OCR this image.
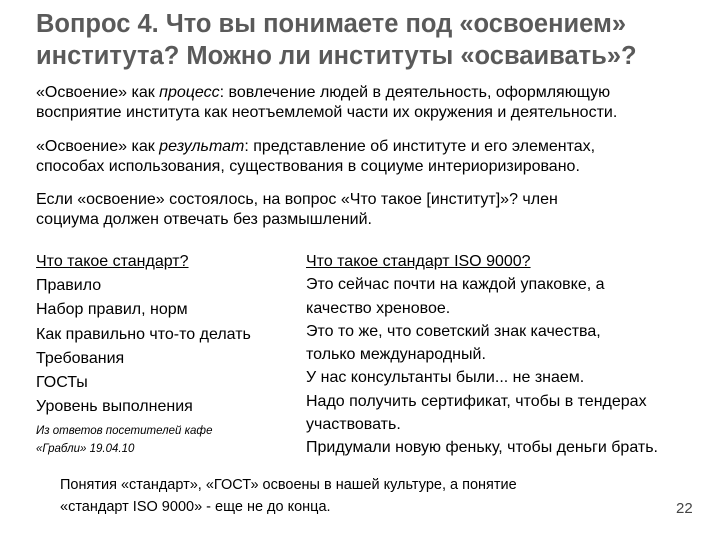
Вопрос 4. Что вы понимаете под «освоением»
института? Можно ли институты «осваивать»?
«Освоение» как процесс: вовлечение людей в деятельность, оформляющую
восприятие института как неотъемлемой части их окружения и деятельности.
«Освоение» как результат: представление об институте и его элементах,
способах использования, существования в социуме интериоризировано.
Если «освоение» состоялось, на вопрос «Что такое [институт]»? член
социума должен отвечать без размышлений.
Что такое стандарт?
Правило
Набор правил, норм
Как правильно что-то делать
Требования
ГОСТы
Уровень выполнения
Из ответов посетителей кафе
«Грабли» 19.04.10
Что такое стандарт ISO 9000?
Это сейчас почти на каждой упаковке, а
качество хреновое.
Это то же, что советский знак качества,
только международный.
У нас консультанты были... не знаем.
Надо получить сертификат, чтобы в тендерах
участвовать.
Придумали новую феньку, чтобы деньги брать.
Понятия «стандарт», «ГОСТ» освоены в нашей культуре, а понятие
«стандарт ISO 9000» - еще не до конца.	22
